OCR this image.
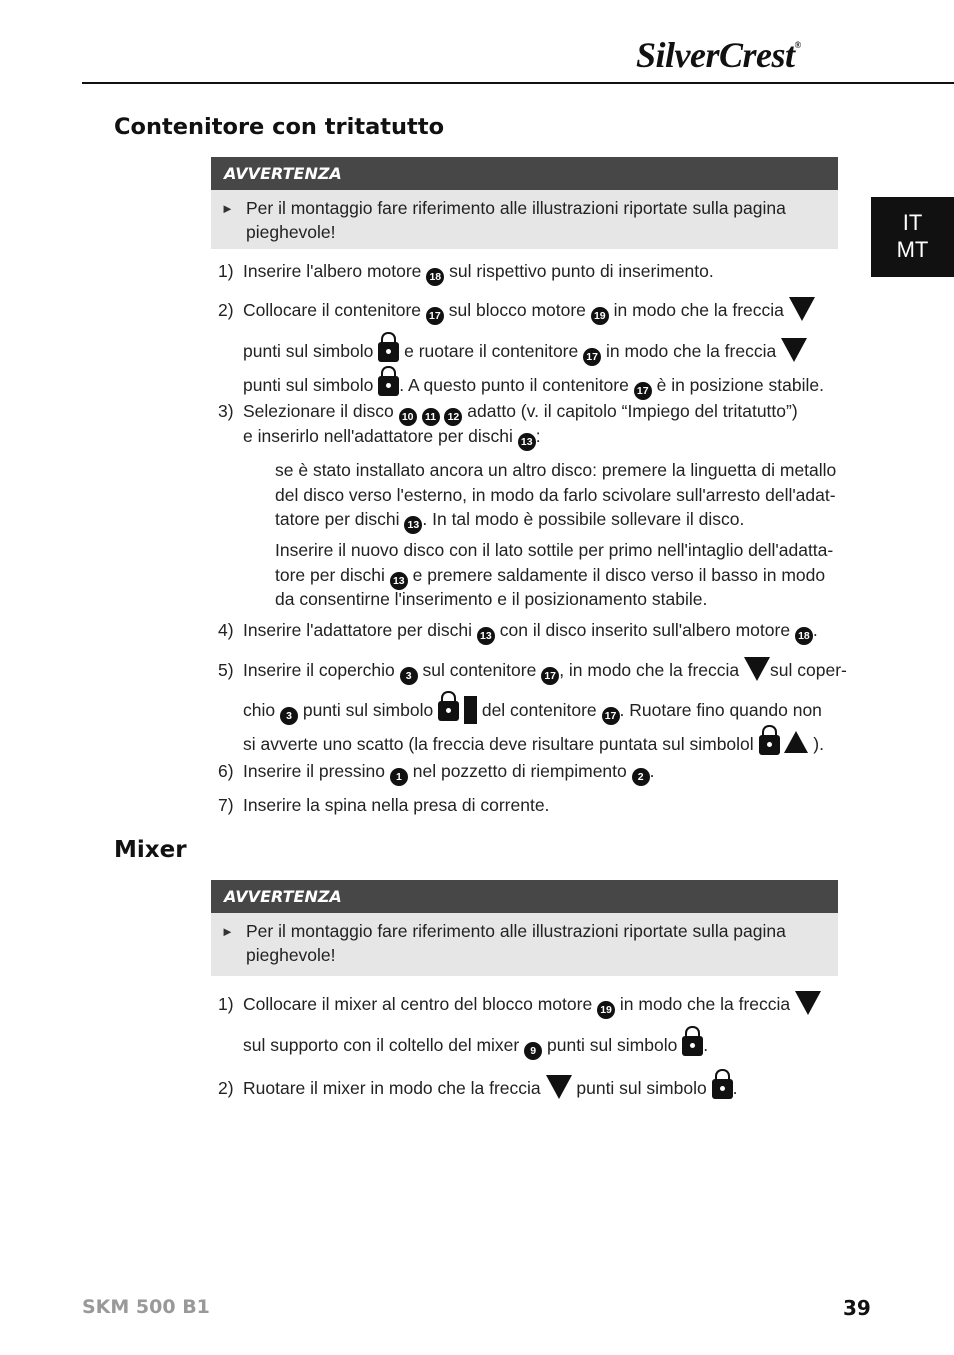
SilverCrest®
IT
MT
Contenitore con tritatutto
AVVERTENZA
► Per il montaggio fare riferimento alle illustrazioni riportate sulla pagina
pieghevole!
1) Inserire l'albero motore 18 sul rispettivo punto di inserimento.
2) Collocare il contenitore 17 sul blocco motore 19 in modo che la freccia
punti sul simbolo e ruotare il contenitore 17 in modo che la freccia
punti sul simbolo . A questo punto il contenitore 17 è in posizione stabile.
3) Selezionare il disco 10 11 12 adatto (v. il capitolo “Impiego del tritatutto”)
e inserirlo nell'adattatore per dischi 13 :
se è stato installato ancora un altro disco: premere la linguetta di metallo
del disco verso l'esterno, in modo da farlo scivolare sull'arresto dell'adat-
tatore per dischi 13 . In tal modo è possibile sollevare il disco.
Inserire il nuovo disco con il lato sottile per primo nell'intaglio dell'adatta-
tore per dischi 13 e premere saldamente il disco verso il basso in modo
da consentirne l'inserimento e il posizionamento stabile.
4) Inserire l'adattatore per dischi 13 con il disco inserito sull'albero motore 18 .
5) Inserire il coperchio 3 sul contenitore 17 , in modo che la freccia sul coper-
chio 3 punti sul simbolo	del contenitore 17 . Ruotare fino quando non
si avverte uno scatto (la freccia deve risultare puntata sul simbolol	).
6) Inserire il pressino 1 nel pozzetto di riempimento 2 .
7) Inserire la spina nella presa di corrente.
Mixer
AVVERTENZA
► Per il montaggio fare riferimento alle illustrazioni riportate sulla pagina
pieghevole!
1) Collocare il mixer al centro del blocco motore 19 in modo che la freccia
sul supporto con il coltello del mixer 9 punti sul simbolo .
2) Ruotare il mixer in modo che la freccia punti sul simbolo .
SKM 500 B1	39
